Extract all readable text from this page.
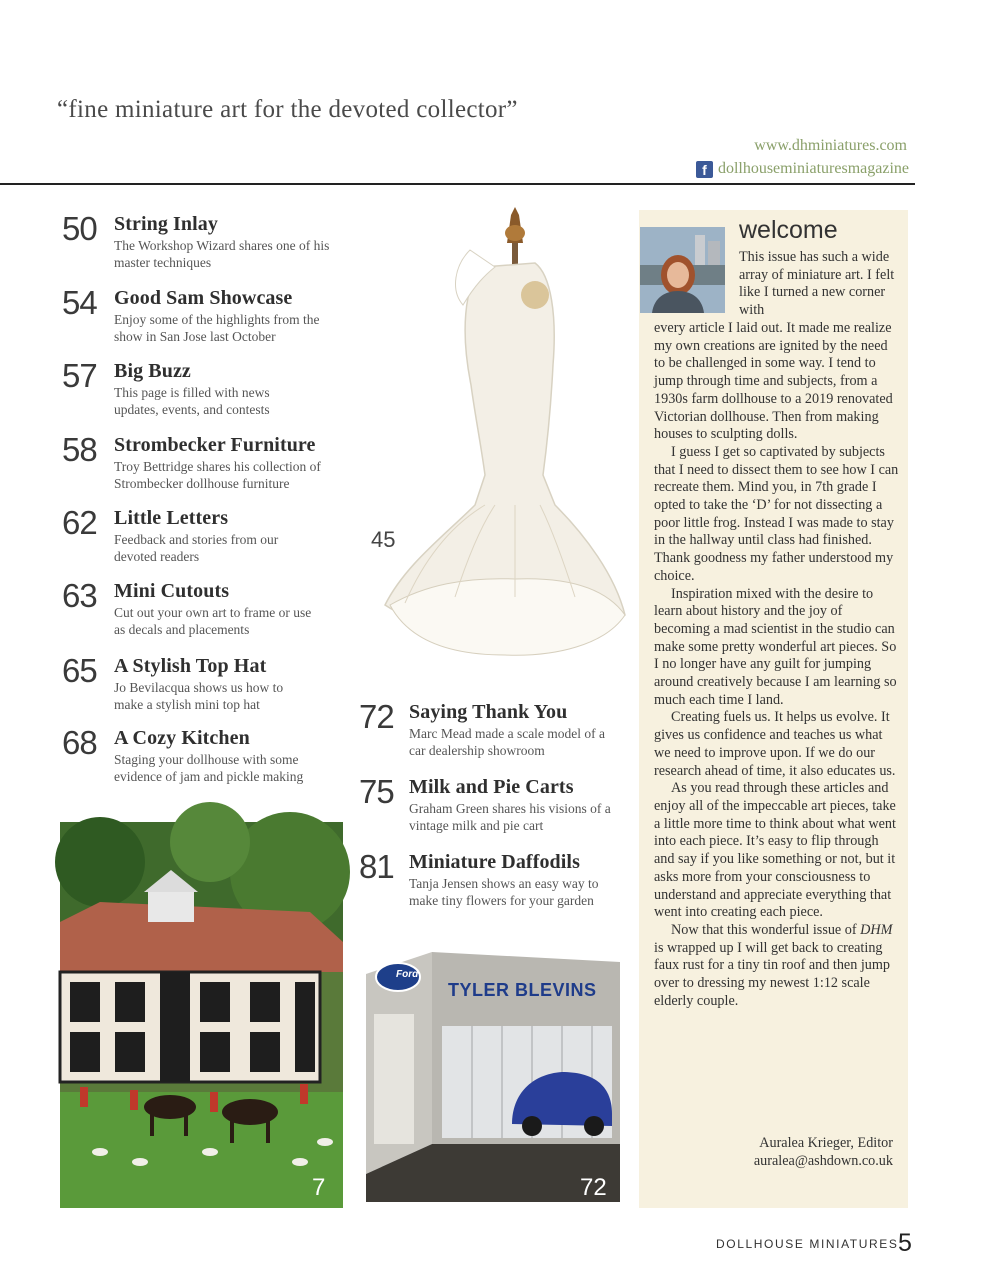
“fine miniature art for the devoted collector”
www.dhminiatures.com
f dollhouseminiaturesmagazine
50 String Inlay
The Workshop Wizard shares one of his master techniques
54 Good Sam Showcase
Enjoy some of the highlights from the show in San Jose last October
57 Big Buzz
This page is filled with news updates, events, and contests
58 Strombecker Furniture
Troy Bettridge shares his collection of Strombecker dollhouse furniture
62 Little Letters
Feedback and stories from our devoted readers
63 Mini Cutouts
Cut out your own art to frame or use as decals and placements
65 A Stylish Top Hat
Jo Bevilacqua shows us how to make a stylish mini top hat
68 A Cozy Kitchen
Staging your dollhouse with some evidence of jam and pickle making
72 Saying Thank You
Marc Mead made a scale model of a car dealership showroom
75 Milk and Pie Carts
Graham Green shares his visions of a vintage milk and pie cart
81 Miniature Daffodils
Tanja Jensen shows an easy way to make tiny flowers for your garden
45
7
Ford
TYLER BLEVINS
72
welcome
This issue has such a wide array of miniature art. I felt like I turned a new corner with

every article I laid out. It made me realize my own creations are ignited by the need to be challenged in some way. I tend to jump through time and subjects, from a 1930s farm dollhouse to a 2019 renovated Victorian dollhouse. Then from making houses to sculpting dolls.

I guess I get so captivated by subjects that I need to dissect them to see how I can recreate them. Mind you, in 7th grade I opted to take the ‘D’ for not dissecting a poor little frog. Instead I was made to stay in the hallway until class had finished. Thank goodness my father understood my choice.

Inspiration mixed with the desire to learn about history and the joy of becoming a mad scientist in the studio can make some pretty wonderful art pieces. So I no longer have any guilt for jumping around creatively because I am learning so much each time I land.

Creating fuels us. It helps us evolve. It gives us confidence and teaches us what we need to improve upon. If we do our research ahead of time, it also educates us.

As you read through these articles and enjoy all of the impeccable art pieces, take a little more time to think about what went into each piece. It’s easy to flip through and say if you like something or not, but it asks more from your consciousness to understand and appreciate everything that went into creating each piece.

Now that this wonderful issue of DHM is wrapped up I will get back to creating faux rust for a tiny tin roof and then jump over to dressing my newest 1:12 scale elderly couple.

Auralea Krieger, Editor
auralea@ashdown.co.uk
DOLLHOUSE MINIATURES 5
